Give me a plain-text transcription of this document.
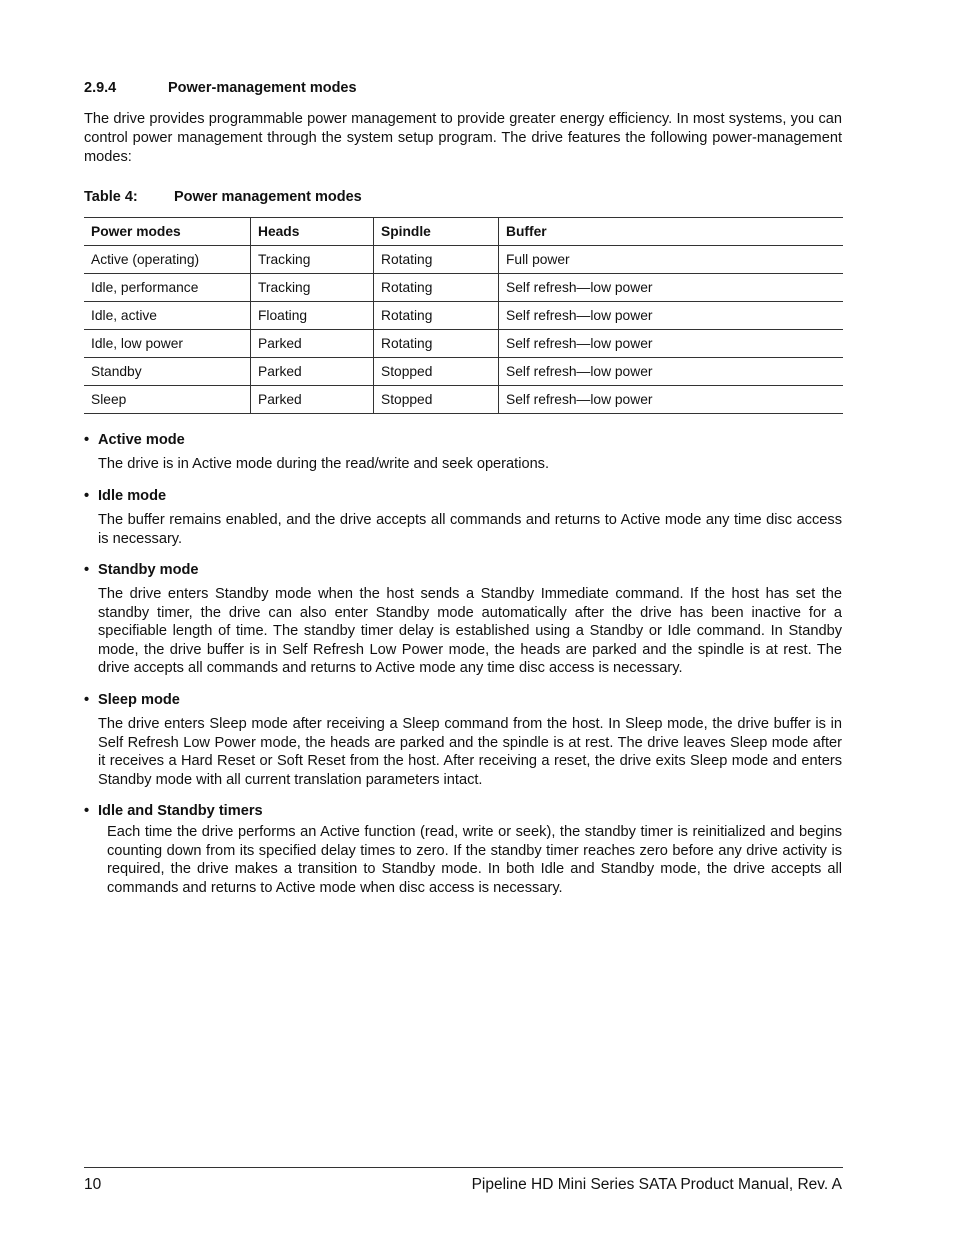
2.9.4	Power-management modes

The drive provides programmable power management to provide greater energy efficiency. In most systems, you can control power management through the system setup program. The drive features the following power-management modes:

Table 4:	Power management modes
Power modes	Heads	Spindle	Buffer
Active (operating)	Tracking	Rotating	Full power
Idle, performance	Tracking	Rotating	Self refresh—low power
Idle, active	Floating	Rotating	Self refresh—low power
Idle, low power	Parked	Rotating	Self refresh—low power
Standby	Parked	Stopped	Self refresh—low power
Sleep	Parked	Stopped	Self refresh—low power
• Active mode

The drive is in Active mode during the read/write and seek operations.

• Idle mode

The buffer remains enabled, and the drive accepts all commands and returns to Active mode any time disc access is necessary.

• Standby mode

The drive enters Standby mode when the host sends a Standby Immediate command. If the host has set the standby timer, the drive can also enter Standby mode automatically after the drive has been inactive for a specifiable length of time. The standby timer delay is established using a Standby or Idle command. In Standby mode, the drive buffer is in Self Refresh Low Power mode, the heads are parked and the spindle is at rest. The drive accepts all commands and returns to Active mode any time disc access is necessary.

• Sleep mode

The drive enters Sleep mode after receiving a Sleep command from the host. In Sleep mode, the drive buffer is in Self Refresh Low Power mode, the heads are parked and the spindle is at rest. The drive leaves Sleep mode after it receives a Hard Reset or Soft Reset from the host. After receiving a reset, the drive exits Sleep mode and enters Standby mode with all current translation parameters intact.

• Idle and Standby timers

Each time the drive performs an Active function (read, write or seek), the standby timer is reinitialized and begins counting down from its specified delay times to zero. If the standby timer reaches zero before any drive activity is required, the drive makes a transition to Standby mode. In both Idle and Standby mode, the drive accepts all commands and returns to Active mode when disc access is necessary.

10	Pipeline HD Mini Series SATA Product Manual, Rev. A
